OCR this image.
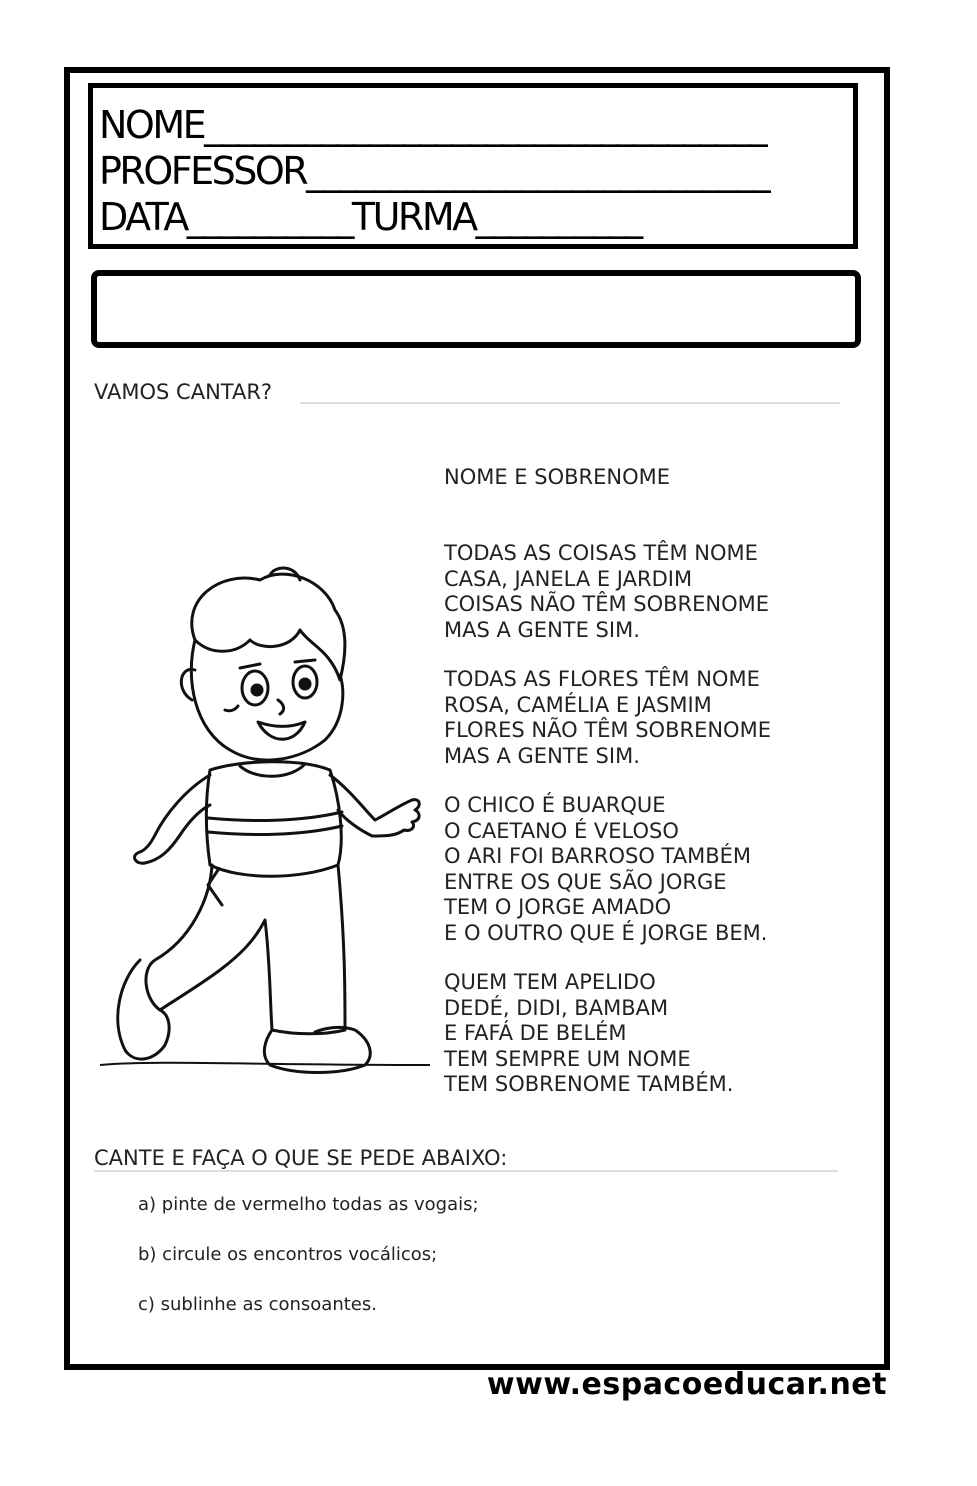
NOME__________________________________
PROFESSOR____________________________
DATA__________TURMA__________
VAMOS CANTAR?
NOME E SOBRENOME
TODAS AS COISAS TÊM NOME
CASA, JANELA E JARDIM
COISAS NÃO TÊM SOBRENOME
MAS A GENTE SIM.
TODAS AS FLORES TÊM NOME
ROSA, CAMÉLIA E JASMIM
FLORES NÃO TÊM SOBRENOME
MAS A GENTE SIM.
O CHICO É BUARQUE
O CAETANO É VELOSO
O ARI FOI BARROSO TAMBÉM
ENTRE OS QUE SÃO JORGE
TEM O JORGE AMADO
E O OUTRO QUE É JORGE BEM.
QUEM TEM APELIDO
DEDÉ, DIDI, BAMBAM
E FAFÁ DE BELÉM
TEM SEMPRE UM NOME
TEM SOBRENOME TAMBÉM.
CANTE E FAÇA O QUE SE PEDE ABAIXO:
a) pinte de vermelho todas as vogais;
b) circule os encontros vocálicos;
c) sublinhe as consoantes.
www.espacoeducar.net
